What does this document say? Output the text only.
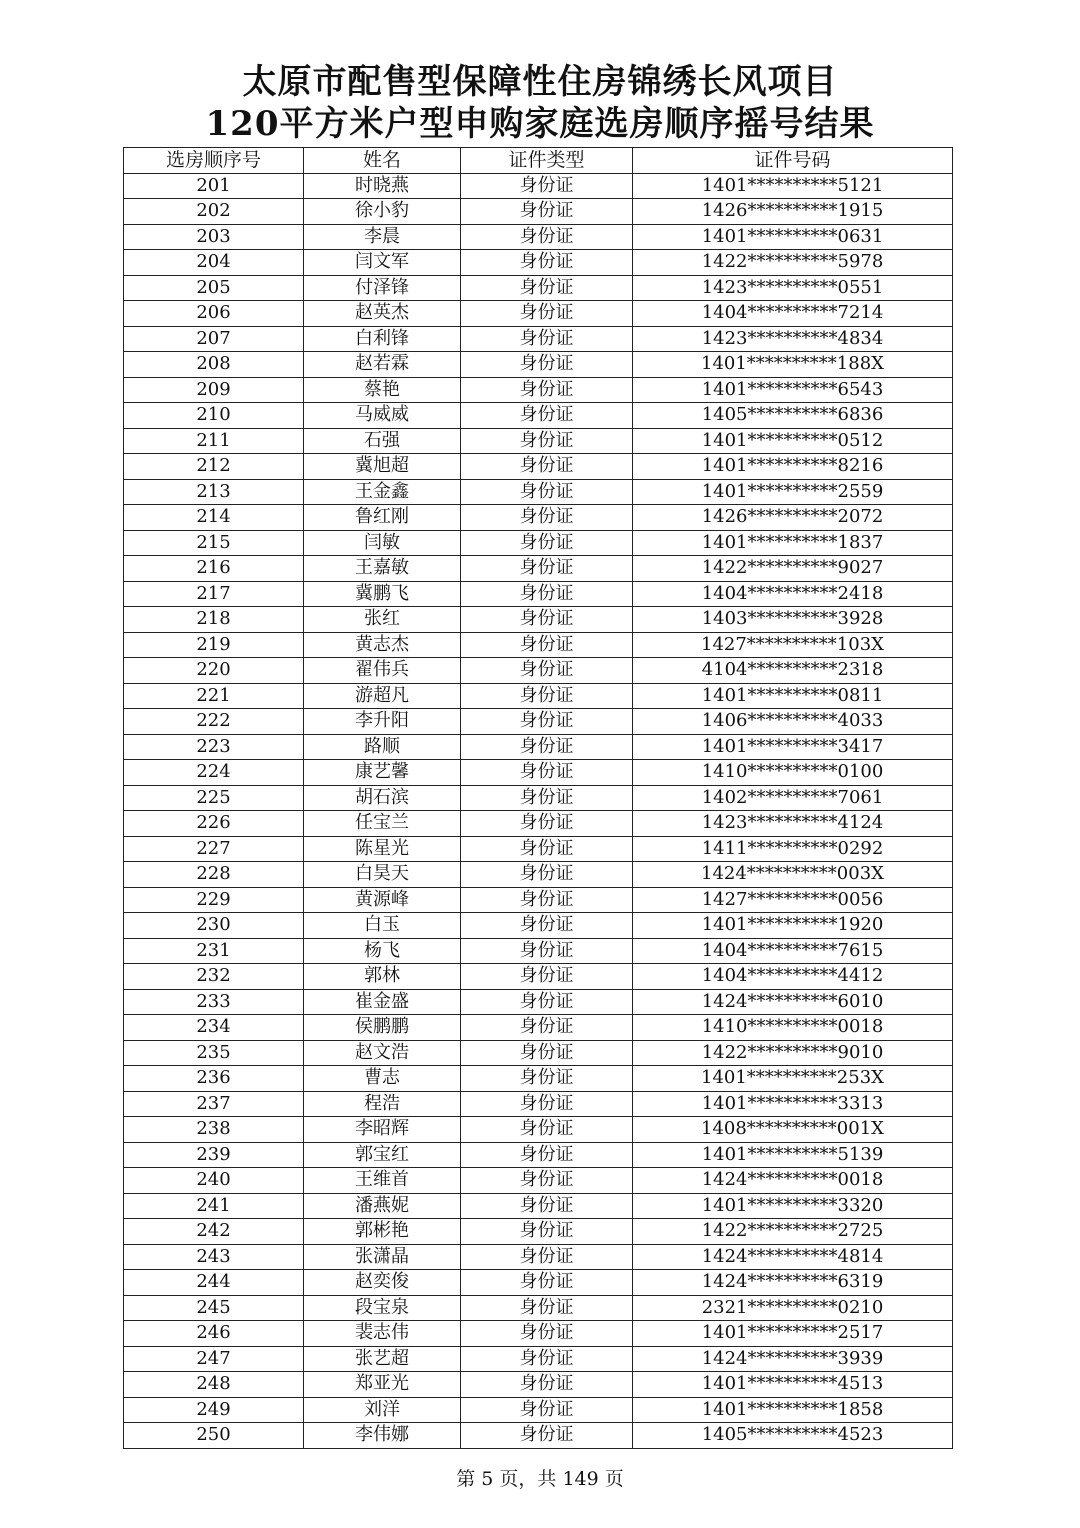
太原市配售型保障性住房锦绣长风项目
120平方米户型申购家庭选房顺序摇号结果
选房顺序号	姓名	证件类型	证件号码
201	时晓燕	身份证	1401**********5121
202	徐小豹	身份证	1426**********1915
203	李晨	身份证	1401**********0631
204	闫文军	身份证	1422**********5978
205	付泽锋	身份证	1423**********0551
206	赵英杰	身份证	1404**********7214
207	白利锋	身份证	1423**********4834
208	赵若霖	身份证	1401**********188X
209	蔡艳	身份证	1401**********6543
210	马威威	身份证	1405**********6836
211	石强	身份证	1401**********0512
212	冀旭超	身份证	1401**********8216
213	王金鑫	身份证	1401**********2559
214	鲁红刚	身份证	1426**********2072
215	闫敏	身份证	1401**********1837
216	王嘉敏	身份证	1422**********9027
217	冀鹏飞	身份证	1404**********2418
218	张红	身份证	1403**********3928
219	黄志杰	身份证	1427**********103X
220	翟伟兵	身份证	4104**********2318
221	游超凡	身份证	1401**********0811
222	李升阳	身份证	1406**********4033
223	路顺	身份证	1401**********3417
224	康艺馨	身份证	1410**********0100
225	胡石滨	身份证	1402**********7061
226	任宝兰	身份证	1423**********4124
227	陈星光	身份证	1411**********0292
228	白昊天	身份证	1424**********003X
229	黄源峰	身份证	1427**********0056
230	白玉	身份证	1401**********1920
231	杨飞	身份证	1404**********7615
232	郭林	身份证	1404**********4412
233	崔金盛	身份证	1424**********6010
234	侯鹏鹏	身份证	1410**********0018
235	赵文浩	身份证	1422**********9010
236	曹志	身份证	1401**********253X
237	程浩	身份证	1401**********3313
238	李昭辉	身份证	1408**********001X
239	郭宝红	身份证	1401**********5139
240	王维首	身份证	1424**********0018
241	潘燕妮	身份证	1401**********3320
242	郭彬艳	身份证	1422**********2725
243	张潇晶	身份证	1424**********4814
244	赵奕俊	身份证	1424**********6319
245	段宝泉	身份证	2321**********0210
246	裴志伟	身份证	1401**********2517
247	张艺超	身份证	1424**********3939
248	郑亚光	身份证	1401**********4513
249	刘洋	身份证	1401**********1858
250	李伟娜	身份证	1405**********4523
第 5 页，共 149 页
